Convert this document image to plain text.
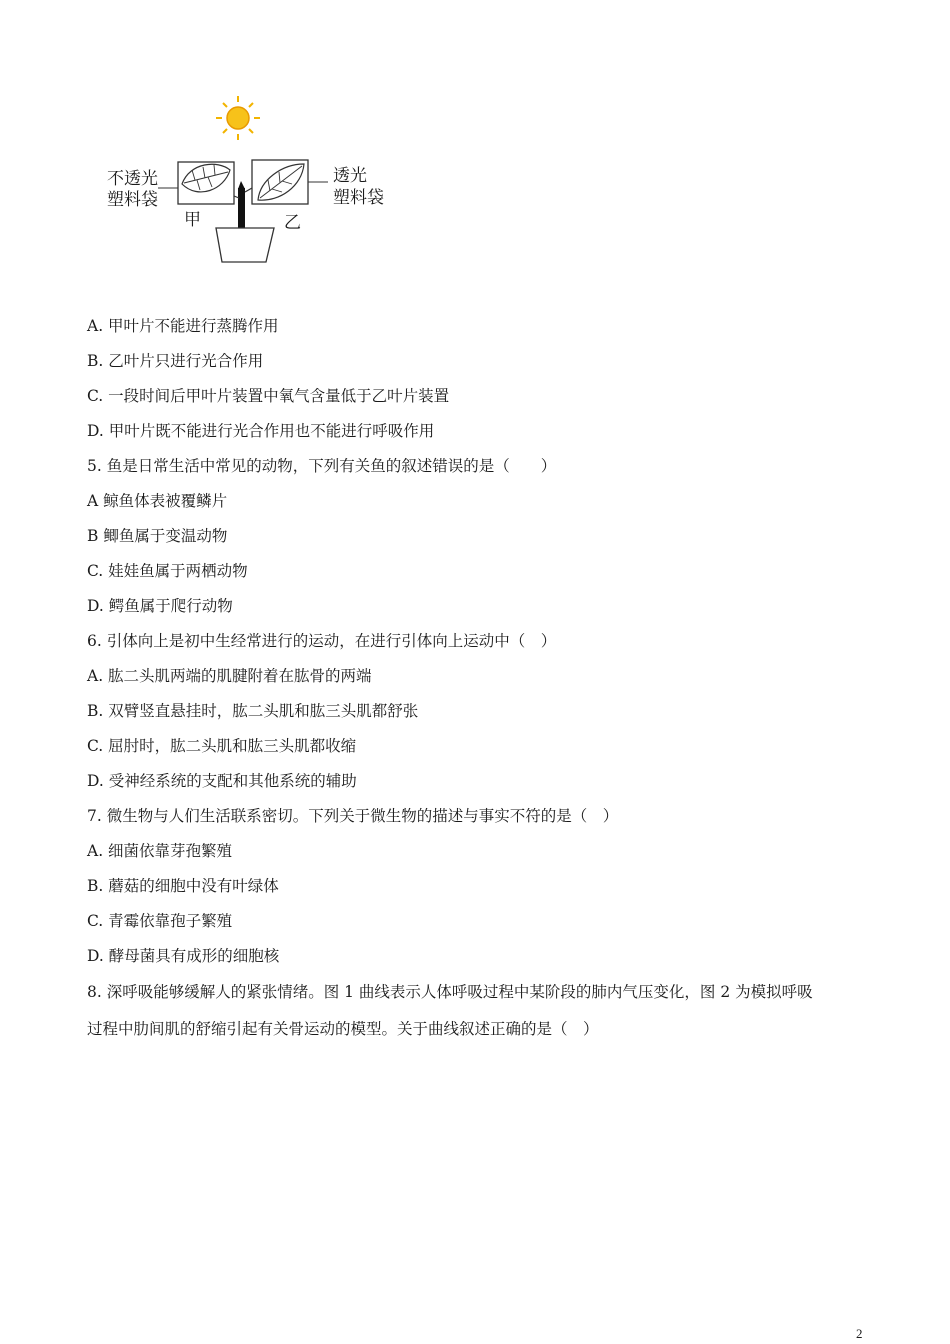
不透光
塑料袋
透光
塑料袋
甲	乙
A. 甲叶片不能进行蒸腾作用
B. 乙叶片只进行光合作用
C. 一段时间后甲叶片装置中氧气含量低于乙叶片装置
D. 甲叶片既不能进行光合作用也不能进行呼吸作用
5. 鱼是日常生活中常见的动物，下列有关鱼的叙述错误的是（　　）
A 鲸鱼体表被覆鳞片
B 鲫鱼属于变温动物
C. 娃娃鱼属于两栖动物
D. 鳄鱼属于爬行动物
6. 引体向上是初中生经常进行的运动，在进行引体向上运动中（　）
A. 肱二头肌两端的肌腱附着在肱骨的两端
B. 双臂竖直悬挂时，肱二头肌和肱三头肌都舒张
C. 屈肘时，肱二头肌和肱三头肌都收缩
D. 受神经系统的支配和其他系统的辅助
7. 微生物与人们生活联系密切。下列关于微生物的描述与事实不符的是（　）
A. 细菌依靠芽孢繁殖
B. 蘑菇的细胞中没有叶绿体
C. 青霉依靠孢子繁殖
D. 酵母菌具有成形的细胞核
8. 深呼吸能够缓解人的紧张情绪。图 1 曲线表示人体呼吸过程中某阶段的肺内气压变化，图 2 为模拟呼吸
过程中肋间肌的舒缩引起有关骨运动的模型。关于曲线叙述正确的是（　）
2
